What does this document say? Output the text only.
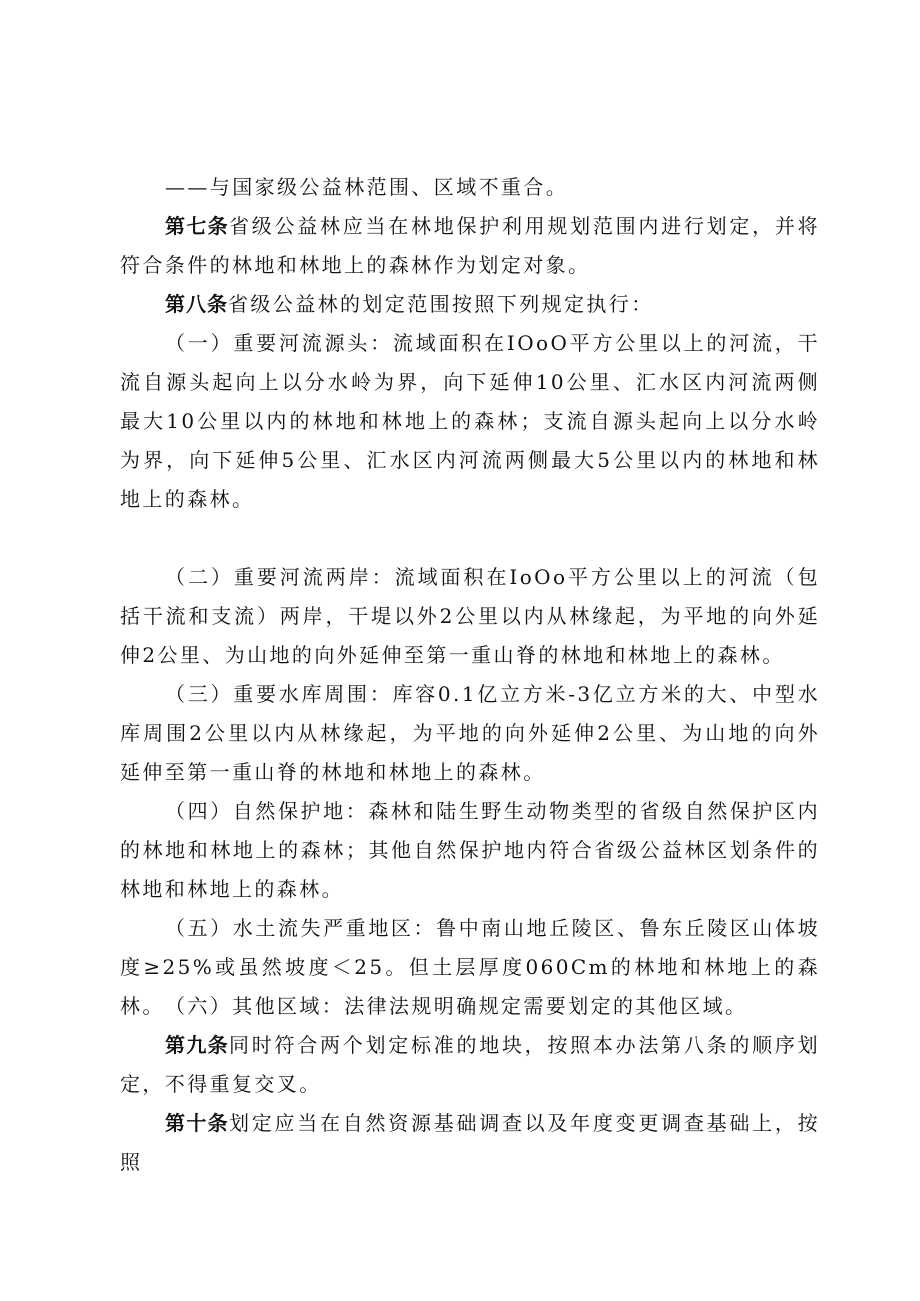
——与国家级公益林范围、区域不重合。

第七条省级公益林应当在林地保护利用规划范围内进行划定，并将符合条件的林地和林地上的森林作为划定对象。

第八条省级公益林的划定范围按照下列规定执行：

（一）重要河流源头：流域面积在IOoO平方公里以上的河流，干流自源头起向上以分水岭为界，向下延伸10公里、汇水区内河流两侧最大10公里以内的林地和林地上的森林；支流自源头起向上以分水岭为界，向下延伸5公里、汇水区内河流两侧最大5公里以内的林地和林地上的森林。

（二）重要河流两岸：流域面积在IoOo平方公里以上的河流（包括干流和支流）两岸，干堤以外2公里以内从林缘起，为平地的向外延伸2公里、为山地的向外延伸至第一重山脊的林地和林地上的森林。

（三）重要水库周围：库容0.1亿立方米-3亿立方米的大、中型水库周围2公里以内从林缘起，为平地的向外延伸2公里、为山地的向外延伸至第一重山脊的林地和林地上的森林。

（四）自然保护地：森林和陆生野生动物类型的省级自然保护区内的林地和林地上的森林；其他自然保护地内符合省级公益林区划条件的林地和林地上的森林。

（五）水土流失严重地区：鲁中南山地丘陵区、鲁东丘陵区山体坡度≥25%或虽然坡度＜25。但土层厚度060Cm的林地和林地上的森林。 （六）其他区域：法律法规明确规定需要划定的其他区域。

第九条同时符合两个划定标准的地块，按照本办法第八条的顺序划定，不得重复交叉。

第十条划定应当在自然资源基础调查以及年度变更调查基础上，按照
